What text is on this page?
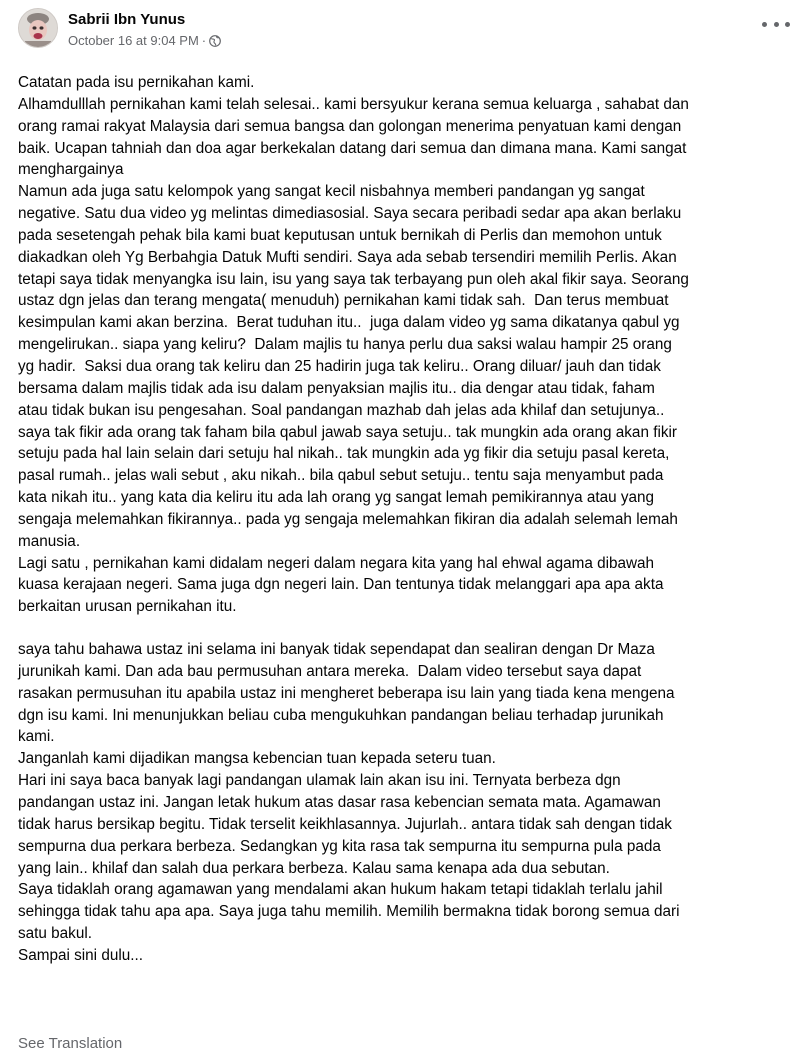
Sabrii Ibn Yunus
October 16 at 9:04 PM ·

Catatan pada isu pernikahan kami.

Alhamdulllah pernikahan kami telah selesai.. kami bersyukur kerana semua keluarga , sahabat dan
orang ramai rakyat Malaysia dari semua bangsa dan golongan menerima penyatuan kami dengan
baik. Ucapan tahniah dan doa agar berkekalan datang dari semua dan dimana mana. Kami sangat
menghargainya

Namun ada juga satu kelompok yang sangat kecil nisbahnya memberi pandangan yg sangat
negative. Satu dua video yg melintas dimediasosial. Saya secara peribadi sedar apa akan berlaku
pada sesetengah pehak bila kami buat keputusan untuk bernikah di Perlis dan memohon untuk
diakadkan oleh Yg Berbahgia Datuk Mufti sendiri. Saya ada sebab tersendiri memilih Perlis. Akan
tetapi saya tidak menyangka isu lain, isu yang saya tak terbayang pun oleh akal fikir saya. Seorang
ustaz dgn jelas dan terang mengata( menuduh) pernikahan kami tidak sah.  Dan terus membuat
kesimpulan kami akan berzina.  Berat tuduhan itu..  juga dalam video yg sama dikatanya qabul yg
mengelirukan.. siapa yang keliru?  Dalam majlis tu hanya perlu dua saksi walau hampir 25 orang
yg hadir.  Saksi dua orang tak keliru dan 25 hadirin juga tak keliru.. Orang diluar/ jauh dan tidak
bersama dalam majlis tidak ada isu dalam penyaksian majlis itu.. dia dengar atau tidak, faham
atau tidak bukan isu pengesahan. Soal pandangan mazhab dah jelas ada khilaf dan setujunya..
saya tak fikir ada orang tak faham bila qabul jawab saya setuju.. tak mungkin ada orang akan fikir
setuju pada hal lain selain dari setuju hal nikah.. tak mungkin ada yg fikir dia setuju pasal kereta,
pasal rumah.. jelas wali sebut , aku nikah.. bila qabul sebut setuju.. tentu saja menyambut pada
kata nikah itu.. yang kata dia keliru itu ada lah orang yg sangat lemah pemikirannya atau yang
sengaja melemahkan fikirannya.. pada yg sengaja melemahkan fikiran dia adalah selemah lemah
manusia.

Lagi satu , pernikahan kami didalam negeri dalam negara kita yang hal ehwal agama dibawah
kuasa kerajaan negeri. Sama juga dgn negeri lain. Dan tentunya tidak melanggari apa apa akta
berkaitan urusan pernikahan itu.

saya tahu bahawa ustaz ini selama ini banyak tidak sependapat dan sealiran dengan Dr Maza
jurunikah kami. Dan ada bau permusuhan antara mereka.  Dalam video tersebut saya dapat
rasakan permusuhan itu apabila ustaz ini mengheret beberapa isu lain yang tiada kena mengena
dgn isu kami. Ini menunjukkan beliau cuba mengukuhkan pandangan beliau terhadap jurunikah
kami.

Janganlah kami dijadikan mangsa kebencian tuan kepada seteru tuan.

Hari ini saya baca banyak lagi pandangan ulamak lain akan isu ini. Ternyata berbeza dgn
pandangan ustaz ini. Jangan letak hukum atas dasar rasa kebencian semata mata. Agamawan
tidak harus bersikap begitu. Tidak terselit keikhlasannya. Jujurlah.. antara tidak sah dengan tidak
sempurna dua perkara berbeza. Sedangkan yg kita rasa tak sempurna itu sempurna pula pada
yang lain.. khilaf dan salah dua perkara berbeza. Kalau sama kenapa ada dua sebutan.

Saya tidaklah orang agamawan yang mendalami akan hukum hakam tetapi tidaklah terlalu jahil
sehingga tidak tahu apa apa. Saya juga tahu memilih. Memilih bermakna tidak borong semua dari
satu bakul.

Sampai sini dulu...

See Translation
